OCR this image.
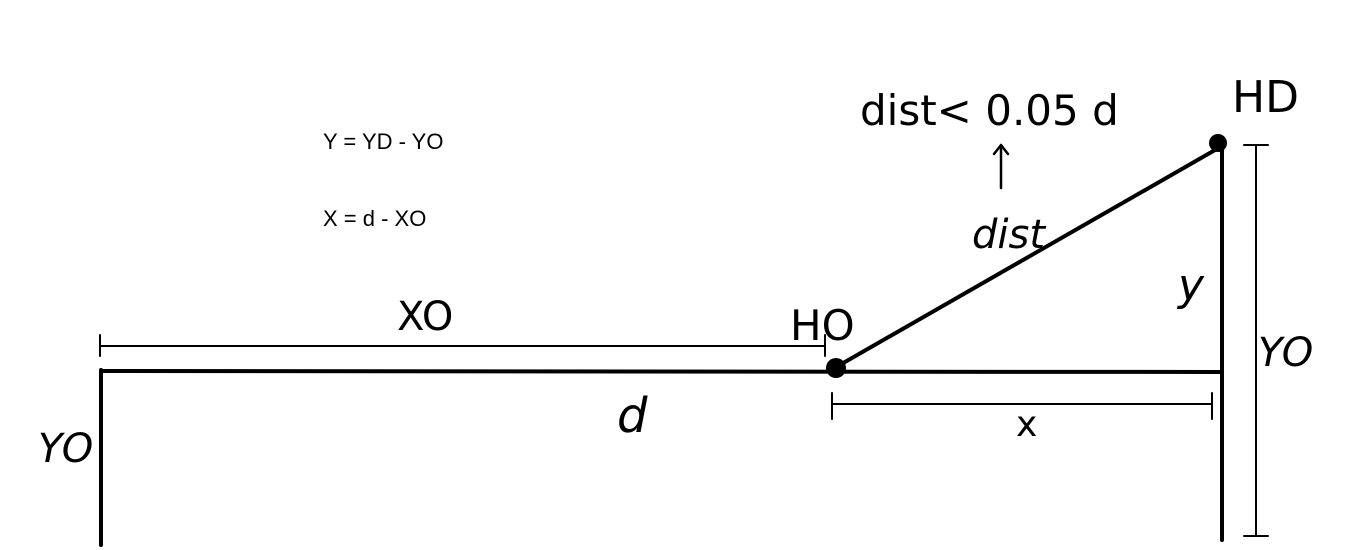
Y = YD - YO
X = d - XO
XO
d
YO
HO
dist
dist< 0.05 d	HD
y
YO
x
